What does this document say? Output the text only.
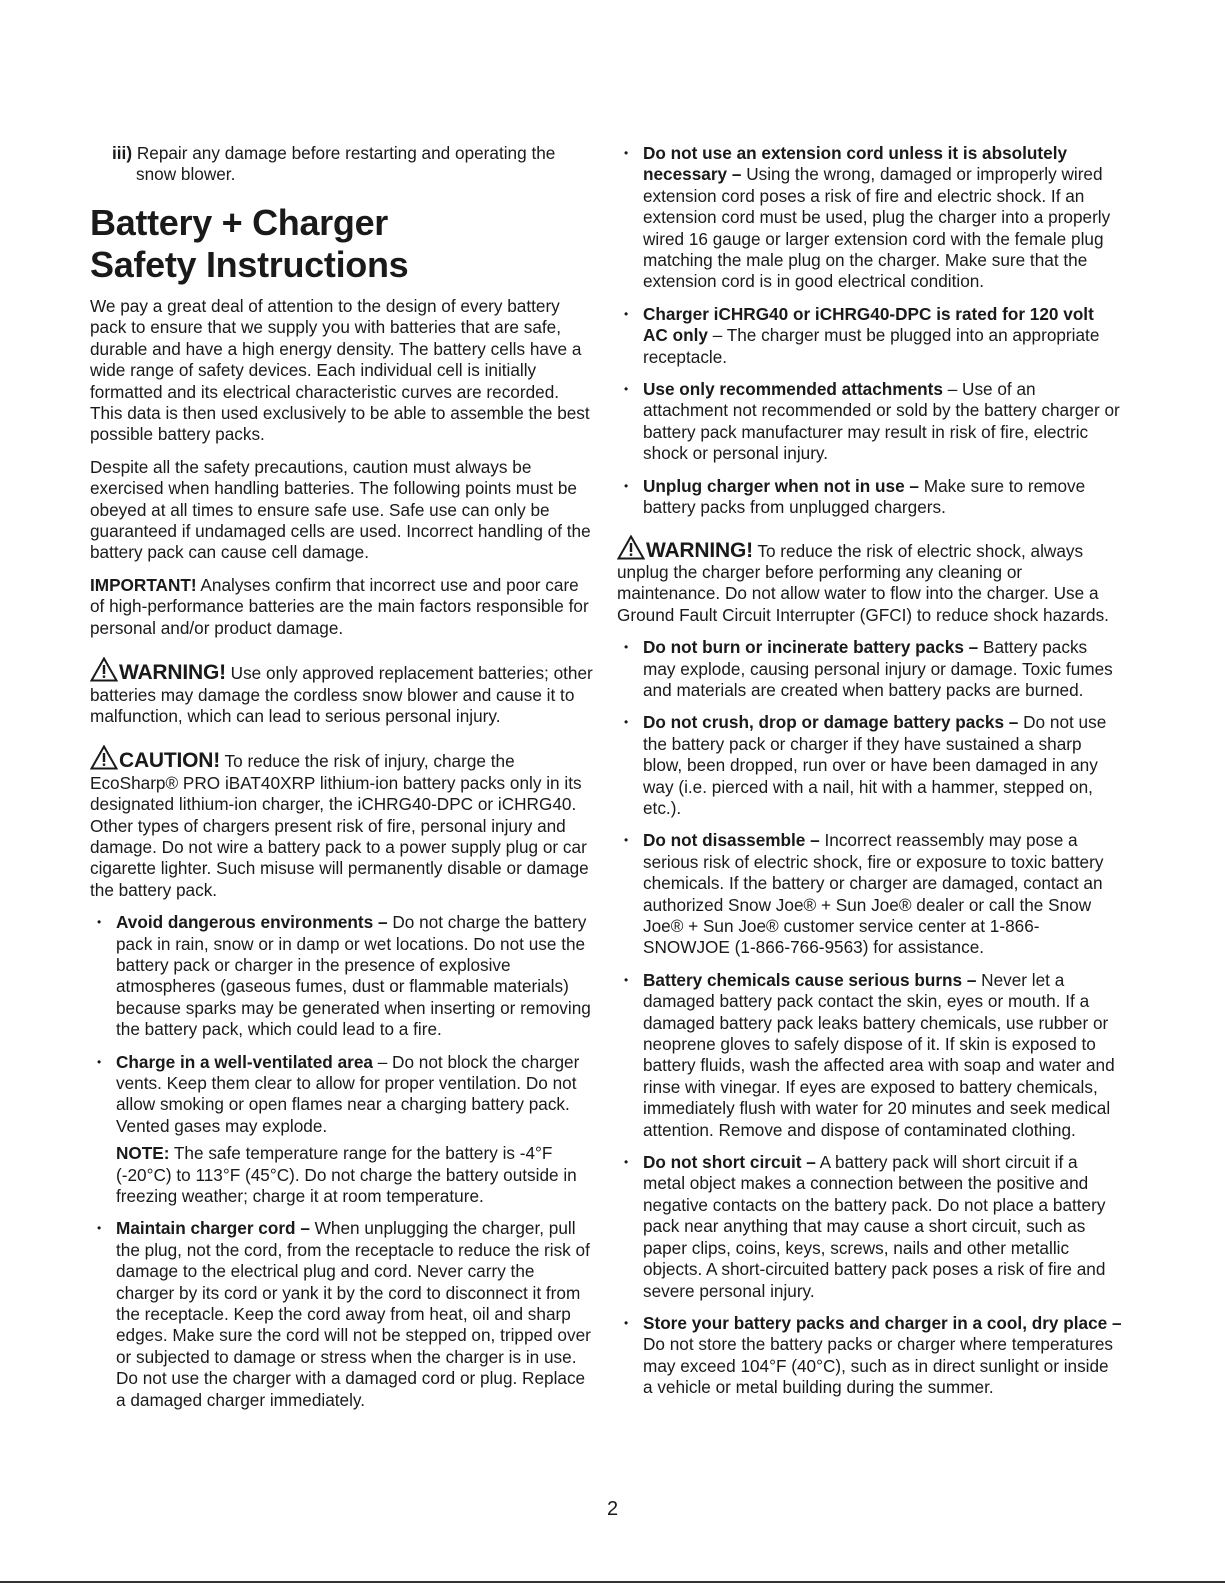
iii) Repair any damage before restarting and operating the snow blower.
Battery + Charger
Safety Instructions

We pay a great deal of attention to the design of every battery pack to ensure that we supply you with batteries that are safe, durable and have a high energy density. The battery cells have a wide range of safety devices. Each individual cell is initially formatted and its electrical characteristic curves are recorded. This data is then used exclusively to be able to assemble the best possible battery packs.

Despite all the safety precautions, caution must always be exercised when handling batteries. The following points must be obeyed at all times to ensure safe use. Safe use can only be guaranteed if undamaged cells are used. Incorrect handling of the battery pack can cause cell damage.

IMPORTANT! Analyses confirm that incorrect use and poor care of high-performance batteries are the main factors responsible for personal and/or product damage.

WARNING! Use only approved replacement batteries; other batteries may damage the cordless snow blower and cause it to malfunction, which can lead to serious personal injury.

CAUTION! To reduce the risk of injury, charge the EcoSharp® PRO iBAT40XRP lithium-ion battery packs only in its designated lithium-ion charger, the iCHRG40-DPC or iCHRG40. Other types of chargers present risk of fire, personal injury and damage. Do not wire a battery pack to a power supply plug or car cigarette lighter. Such misuse will permanently disable or damage the battery pack.

• Avoid dangerous environments – Do not charge the battery pack in rain, snow or in damp or wet locations. Do not use the battery pack or charger in the presence of explosive atmospheres (gaseous fumes, dust or flammable materials) because sparks may be generated when inserting or removing the battery pack, which could lead to a fire.
• Charge in a well-ventilated area – Do not block the charger vents. Keep them clear to allow for proper ventilation. Do not allow smoking or open flames near a charging battery pack. Vented gases may explode.

NOTE: The safe temperature range for the battery is -4°F (-20°C) to 113°F (45°C). Do not charge the battery outside in freezing weather; charge it at room temperature.

• Maintain charger cord – When unplugging the charger, pull the plug, not the cord, from the receptacle to reduce the risk of damage to the electrical plug and cord. Never carry the charger by its cord or yank it by the cord to disconnect it from the receptacle. Keep the cord away from heat, oil and sharp edges. Make sure the cord will not be stepped on, tripped over or subjected to damage or stress when the charger is in use. Do not use the charger with a damaged cord or plug. Replace a damaged charger immediately.
• Do not use an extension cord unless it is absolutely necessary – Using the wrong, damaged or improperly wired extension cord poses a risk of fire and electric shock. If an extension cord must be used, plug the charger into a properly wired 16 gauge or larger extension cord with the female plug matching the male plug on the charger. Make sure that the extension cord is in good electrical condition.
• Charger iCHRG40 or iCHRG40-DPC is rated for 120 volt AC only – The charger must be plugged into an appropriate receptacle.
• Use only recommended attachments – Use of an attachment not recommended or sold by the battery charger or battery pack manufacturer may result in risk of fire, electric shock or personal injury.
• Unplug charger when not in use – Make sure to remove battery packs from unplugged chargers.

WARNING! To reduce the risk of electric shock, always unplug the charger before performing any cleaning or maintenance. Do not allow water to flow into the charger. Use a Ground Fault Circuit Interrupter (GFCI) to reduce shock hazards.

• Do not burn or incinerate battery packs – Battery packs may explode, causing personal injury or damage. Toxic fumes and materials are created when battery packs are burned.
• Do not crush, drop or damage battery packs – Do not use the battery pack or charger if they have sustained a sharp blow, been dropped, run over or have been damaged in any way (i.e. pierced with a nail, hit with a hammer, stepped on, etc.).
• Do not disassemble – Incorrect reassembly may pose a serious risk of electric shock, fire or exposure to toxic battery chemicals. If the battery or charger are damaged, contact an authorized Snow Joe® + Sun Joe® dealer or call the Snow Joe® + Sun Joe® customer service center at 1-866-SNOWJOE (1-866-766-9563) for assistance.
• Battery chemicals cause serious burns – Never let a damaged battery pack contact the skin, eyes or mouth. If a damaged battery pack leaks battery chemicals, use rubber or neoprene gloves to safely dispose of it. If skin is exposed to battery fluids, wash the affected area with soap and water and rinse with vinegar. If eyes are exposed to battery chemicals, immediately flush with water for 20 minutes and seek medical attention. Remove and dispose of contaminated clothing.
• Do not short circuit – A battery pack will short circuit if a metal object makes a connection between the positive and negative contacts on the battery pack. Do not place a battery pack near anything that may cause a short circuit, such as paper clips, coins, keys, screws, nails and other metallic objects. A short-circuited battery pack poses a risk of fire and severe personal injury.
• Store your battery packs and charger in a cool, dry place – Do not store the battery packs or charger where temperatures may exceed 104°F (40°C), such as in direct sunlight or inside a vehicle or metal building during the summer.
2
